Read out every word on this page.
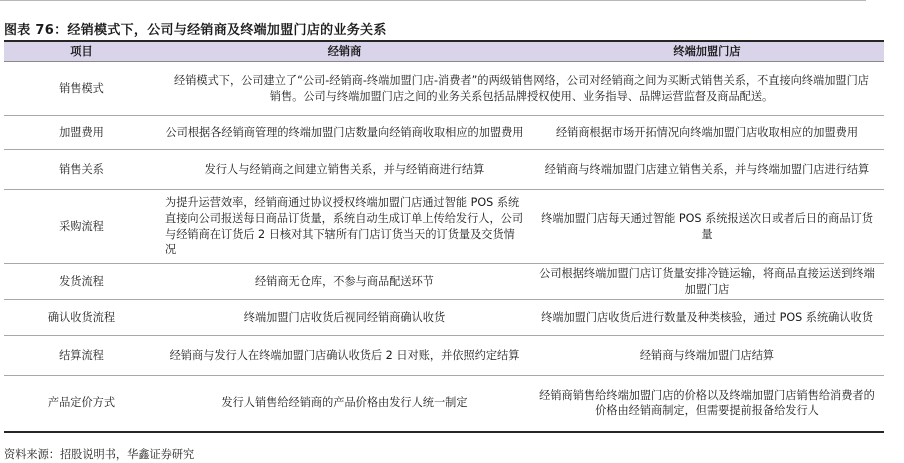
图表 76：经销模式下，公司与经销商及终端加盟门店的业务关系
项目	经销商	终端加盟门店
销售模式	经销模式下，公司建立了“公司-经销商-终端加盟门店-消费者”的两级销售网络，公司对经销商之间为买断式销售关系，不直接向终端加盟门店销售。公司与终端加盟门店之间的业务关系包括品牌授权使用、业务指导、品牌运营监督及商品配送。	
加盟费用	公司根据各经销商管理的终端加盟门店数量向经销商收取相应的加盟费用	经销商根据市场开拓情况向终端加盟门店收取相应的加盟费用
销售关系	发行人与经销商之间建立销售关系，并与经销商进行结算	经销商与终端加盟门店建立销售关系，并与终端加盟门店进行结算
采购流程	为提升运营效率，经销商通过协议授权终端加盟门店通过智能 POS 系统直接向公司报送每日商品订货量，系统自动生成订单上传给发行人，公司与经销商在订货后 2 日核对其下辖所有门店订货当天的订货量及交货情况	终端加盟门店每天通过智能 POS 系统报送次日或者后日的商品订货量
发货流程	经销商无仓库，不参与商品配送环节	公司根据终端加盟门店订货量安排冷链运输，将商品直接运送到终端加盟门店
确认收货流程	终端加盟门店收货后视同经销商确认收货	终端加盟门店收货后进行数量及种类核验，通过 POS 系统确认收货
结算流程	经销商与发行人在终端加盟门店确认收货后 2 日对账，并依照约定结算	经销商与终端加盟门店结算
产品定价方式	发行人销售给经销商的产品价格由发行人统一制定	经销商销售给终端加盟门店的价格以及终端加盟门店销售给消费者的价格由经销商制定，但需要提前报备给发行人
资料来源：招股说明书，华鑫证券研究
